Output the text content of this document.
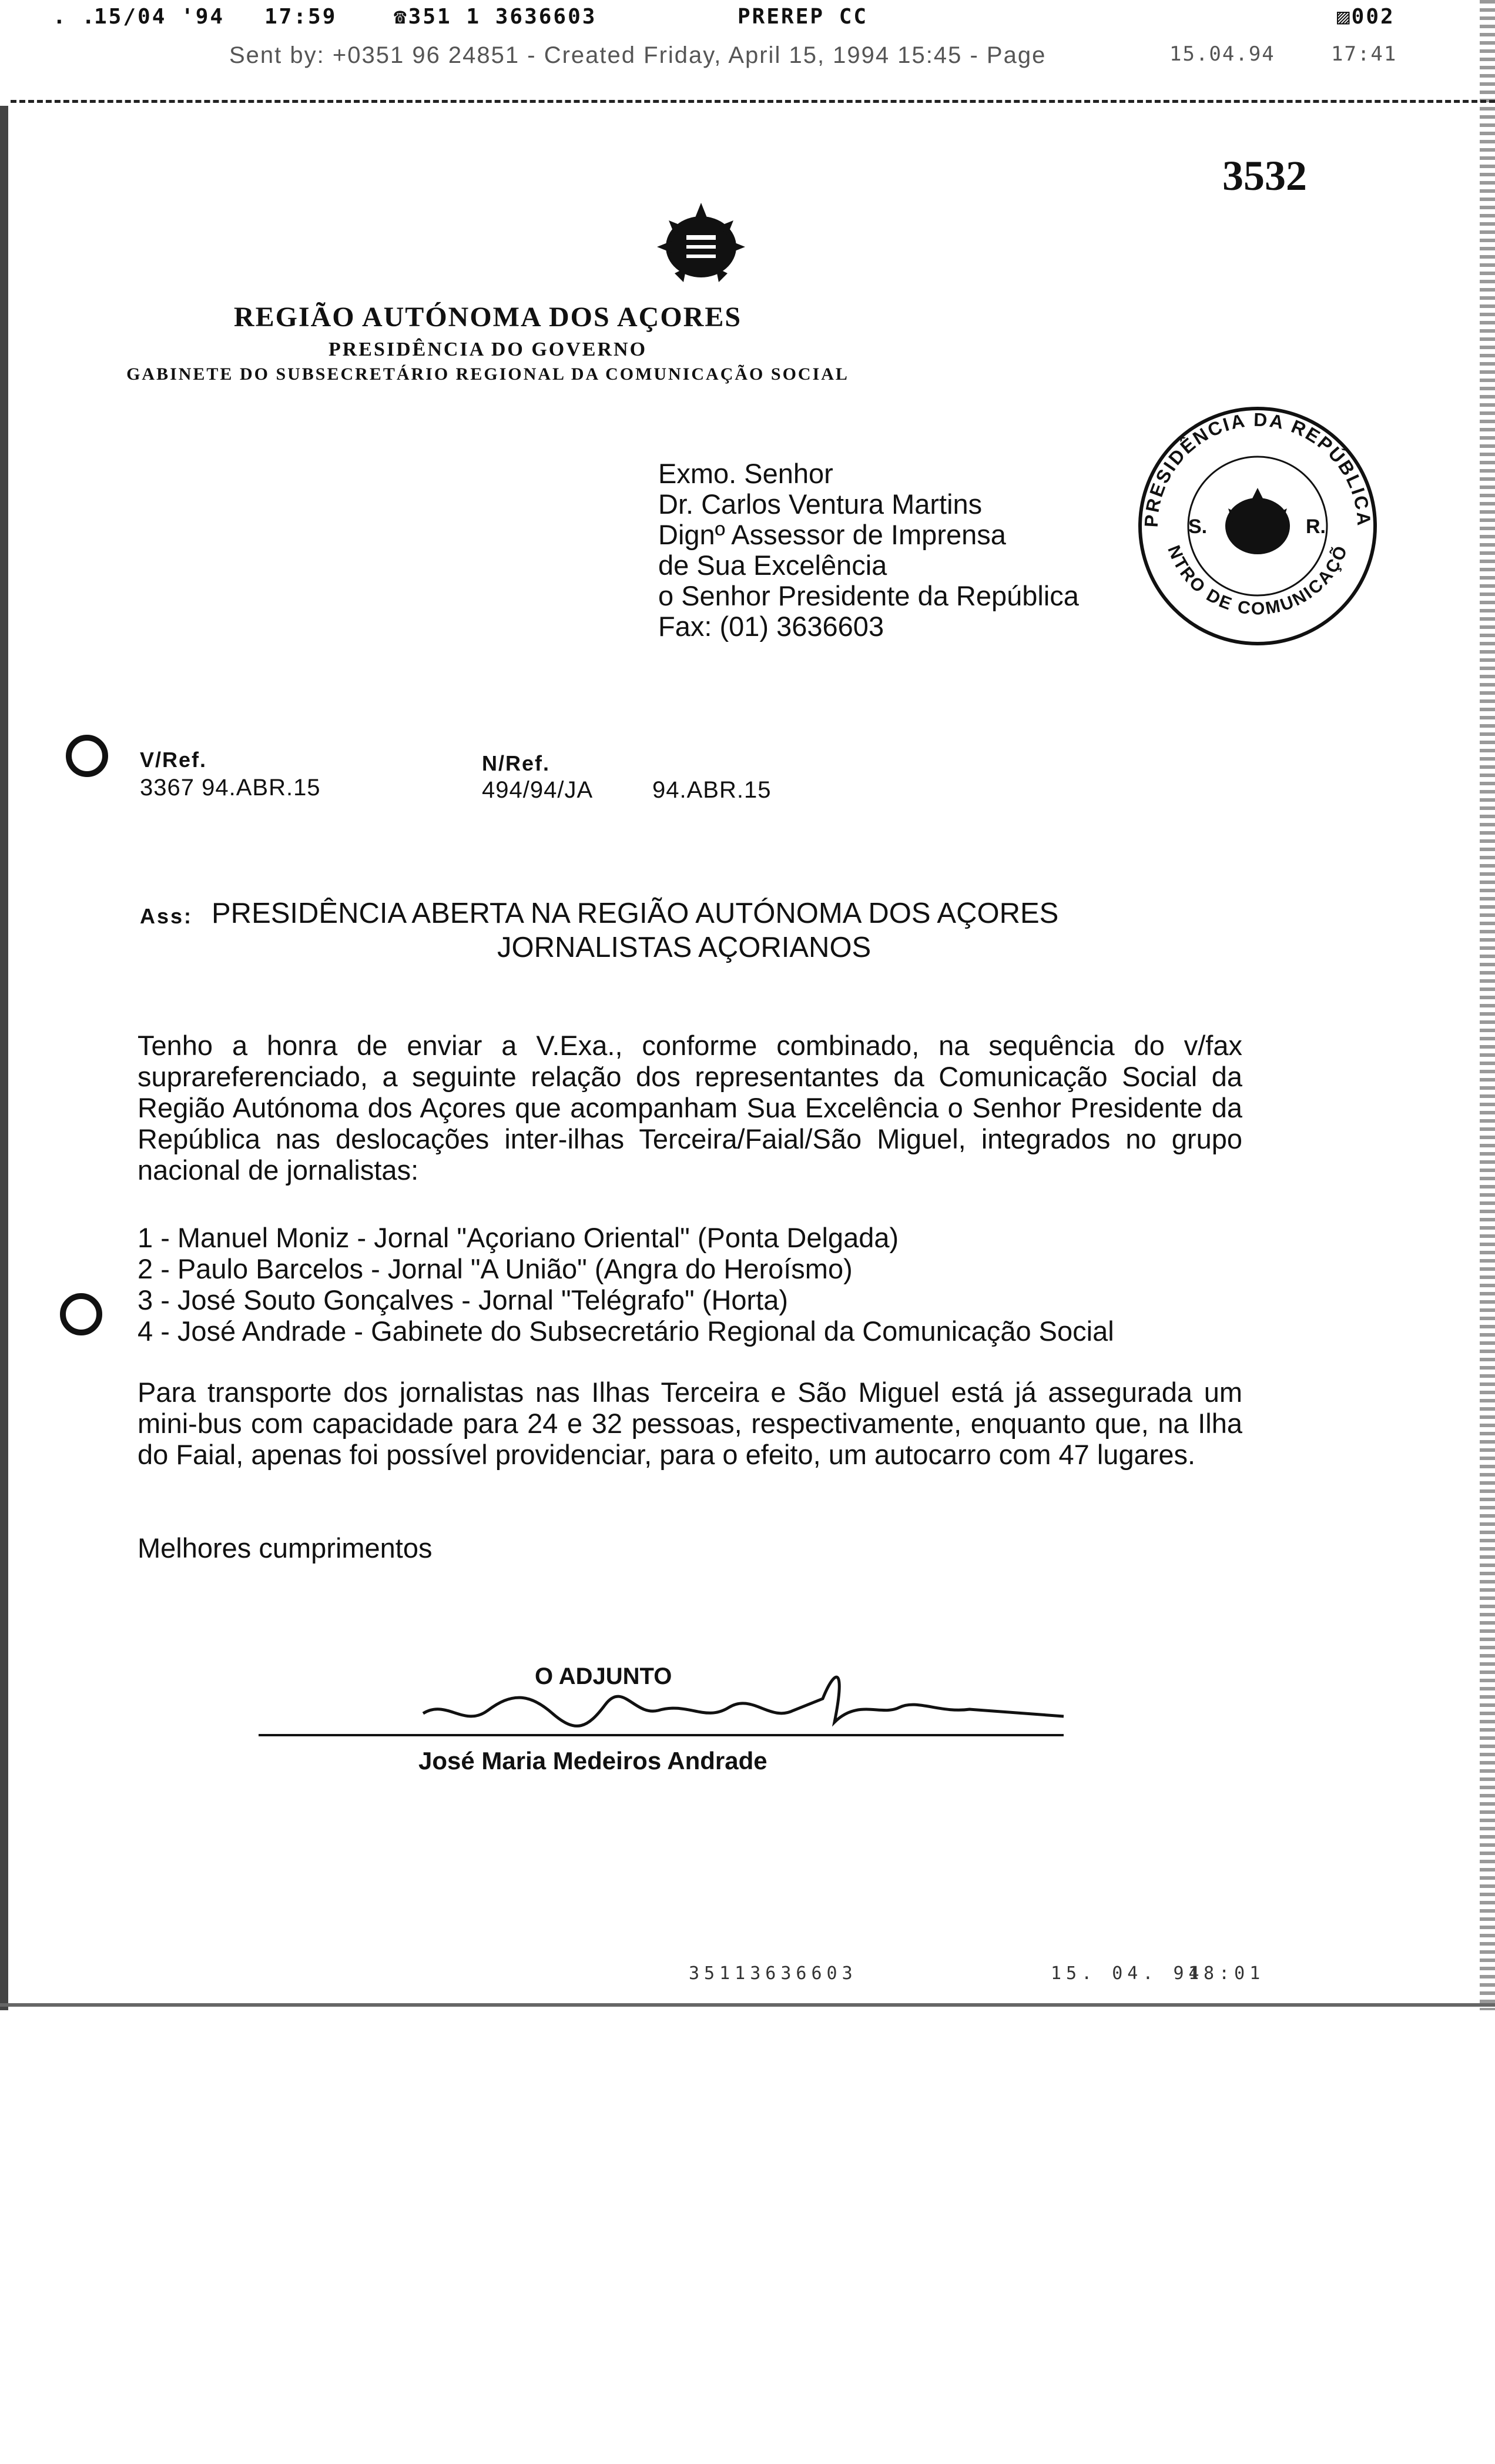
. .
15/04 '94 17:59	☎351 1 3636603	PREREP CC	▨002
Sent by: +0351 96 24851 - Created Friday, April 15, 1994 15:45 - Page	15.04.94	17:41
3532
REGIÃO AUTÓNOMA DOS AÇORES
PRESIDÊNCIA DO GOVERNO
GABINETE DO SUBSECRETÁRIO REGIONAL DA COMUNICAÇÃO SOCIAL
Exmo. Senhor
Dr. Carlos Ventura Martins
Dignº Assessor de Imprensa
de Sua Excelência
o Senhor Presidente da República
Fax: (01) 3636603
PRESIDÊNCIA DA REPÚBLICA
NTRO DE COMUNICAÇÕ
S.	R.
V/Ref.
3367 94.ABR.15
N/Ref.
494/94/JA	94.ABR.15
Ass: PRESIDÊNCIA ABERTA NA REGIÃO AUTÓNOMA DOS AÇORES
JORNALISTAS AÇORIANOS
Tenho a honra de enviar a V.Exa., conforme combinado, na sequência do v/fax suprareferenciado, a seguinte relação dos representantes da Comunicação Social da Região Autónoma dos Açores que acompanham Sua Excelência o Senhor Presidente da República nas deslocações inter-ilhas Terceira/Faial/São Miguel, integrados no grupo nacional de jornalistas:
1 - Manuel Moniz - Jornal "Açoriano Oriental" (Ponta Delgada)
2 - Paulo Barcelos - Jornal "A União" (Angra do Heroísmo)
3 - José Souto Gonçalves - Jornal "Telégrafo" (Horta)
4 - José Andrade - Gabinete do Subsecretário Regional da Comunicação Social
Para transporte dos jornalistas nas Ilhas Terceira e São Miguel está já assegurada um mini-bus com capacidade para 24 e 32 pessoas, respectivamente, enquanto que, na Ilha do Faial, apenas foi possível providenciar, para o efeito, um autocarro com 47 lugares.
Melhores cumprimentos
O ADJUNTO
José Maria Medeiros Andrade
35113636603	15. 04. 94
18:01
